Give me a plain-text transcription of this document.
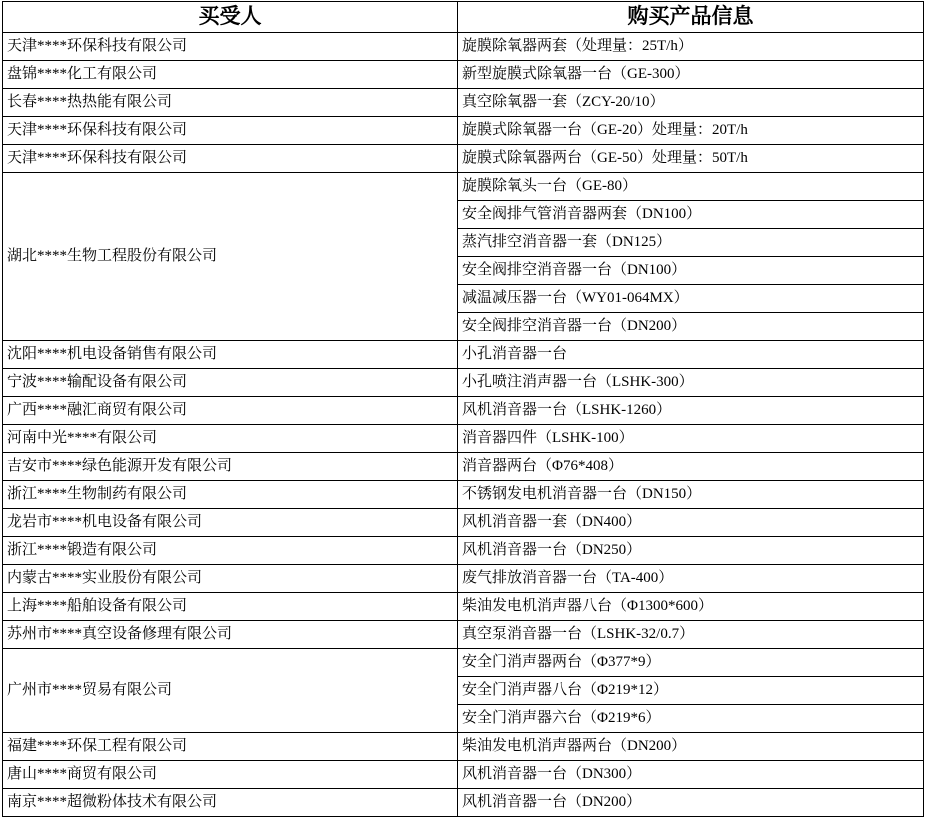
买受人	购买产品信息
天津****环保科技有限公司	旋膜除氧器两套（处理量：25T/h）
盘锦****化工有限公司	新型旋膜式除氧器一台（GE-300）
长春****热热能有限公司	真空除氧器一套（ZCY-20/10）
天津****环保科技有限公司	旋膜式除氧器一台（GE-20）处理量：20T/h
天津****环保科技有限公司	旋膜式除氧器两台（GE-50）处理量：50T/h
湖北****生物工程股份有限公司	旋膜除氧头一台（GE-80）
	安全阀排气管消音器两套（DN100）
	蒸汽排空消音器一套（DN125）
	安全阀排空消音器一台（DN100）
	减温减压器一台（WY01-064MX）
	安全阀排空消音器一台（DN200）
沈阳****机电设备销售有限公司	小孔消音器一台
宁波****输配设备有限公司	小孔喷注消声器一台（LSHK-300）
广西****融汇商贸有限公司	风机消音器一台（LSHK-1260）
河南中光****有限公司	消音器四件（LSHK-100）
吉安市****绿色能源开发有限公司	消音器两台（Φ76*408）
浙江****生物制药有限公司	不锈钢发电机消音器一台（DN150）
龙岩市****机电设备有限公司	风机消音器一套（DN400）
浙江****锻造有限公司	风机消音器一台（DN250）
内蒙古****实业股份有限公司	废气排放消音器一台（TA-400）
上海****船舶设备有限公司	柴油发电机消声器八台（Φ1300*600）
苏州市****真空设备修理有限公司	真空泵消音器一台（LSHK-32/0.7）
广州市****贸易有限公司	安全门消声器两台（Φ377*9）
	安全门消声器八台（Φ219*12）
	安全门消声器六台（Φ219*6）
福建****环保工程有限公司	柴油发电机消声器两台（DN200）
唐山****商贸有限公司	风机消音器一台（DN300）
南京****超微粉体技术有限公司	风机消音器一台（DN200）
